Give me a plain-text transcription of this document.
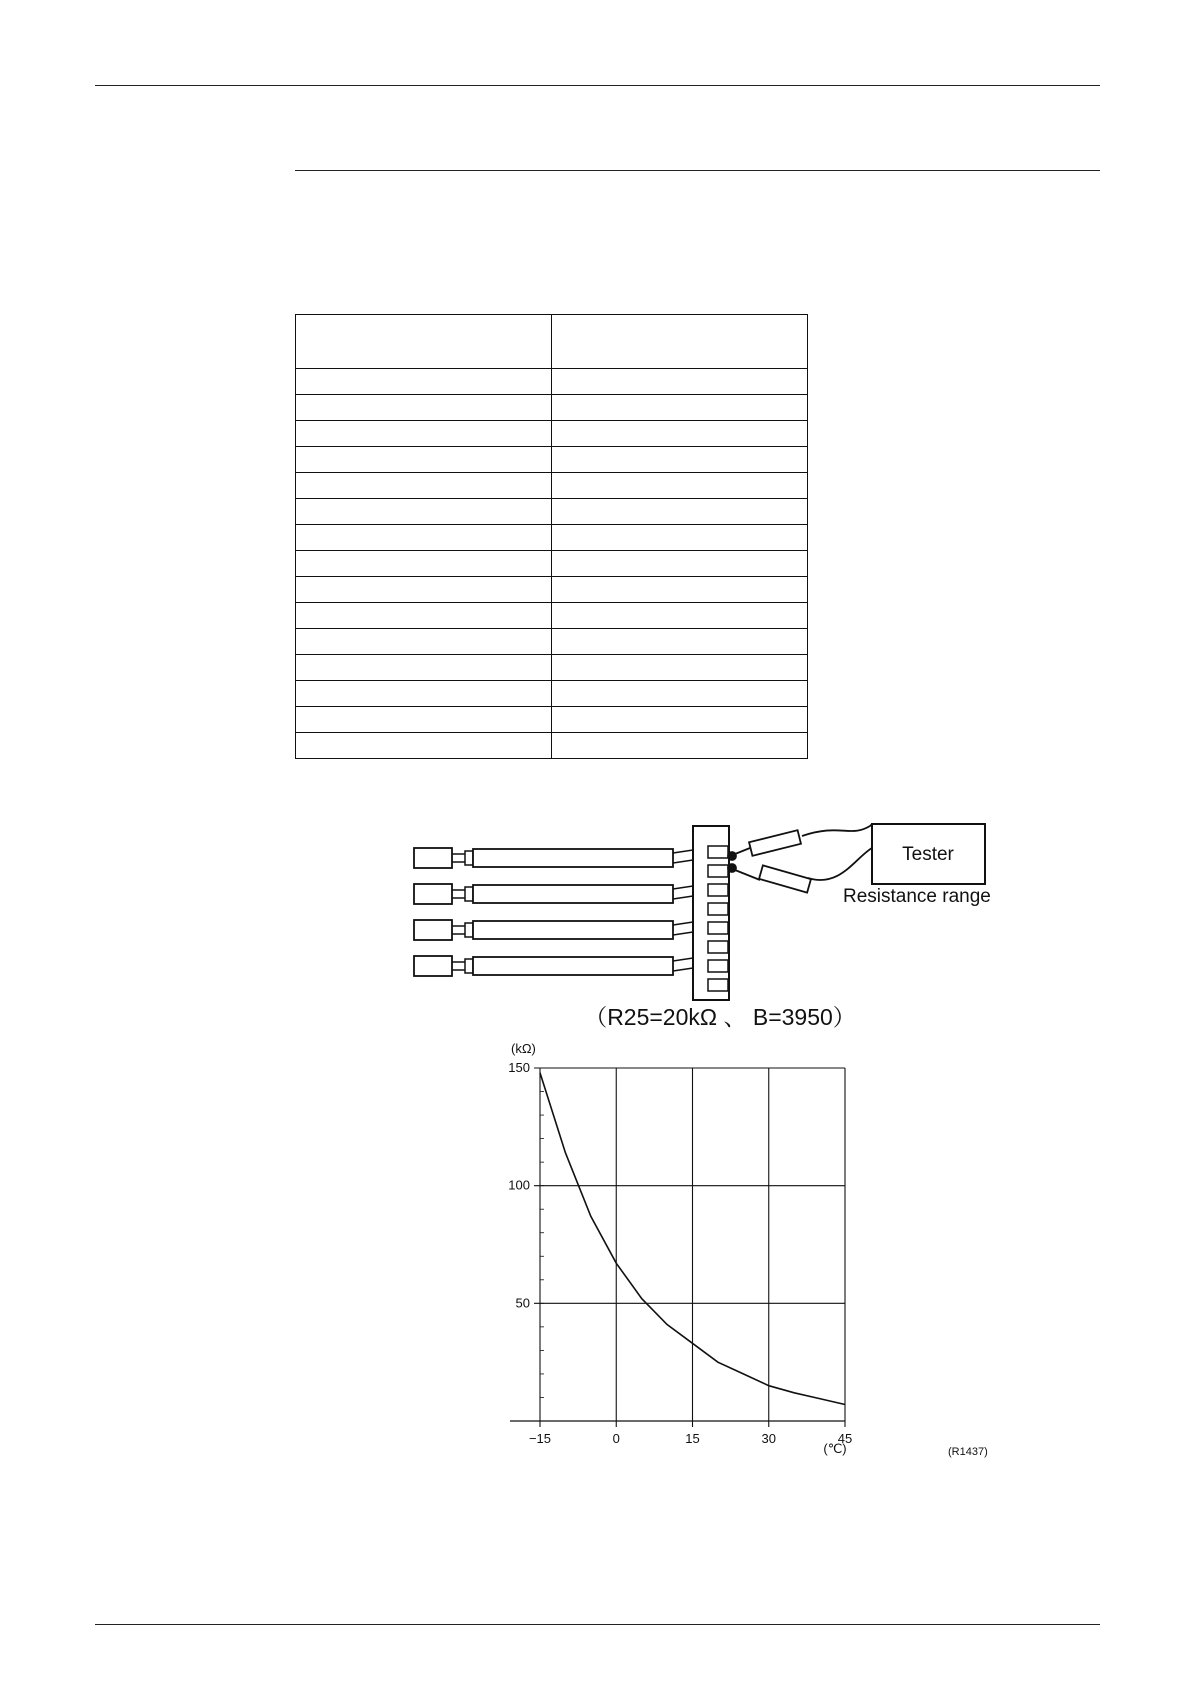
Tester
Resistance range
（R25=20kΩ 、 B=3950）
(kΩ)
(℃)
−15	0	15	30	45
150
100
50
(R1437)
